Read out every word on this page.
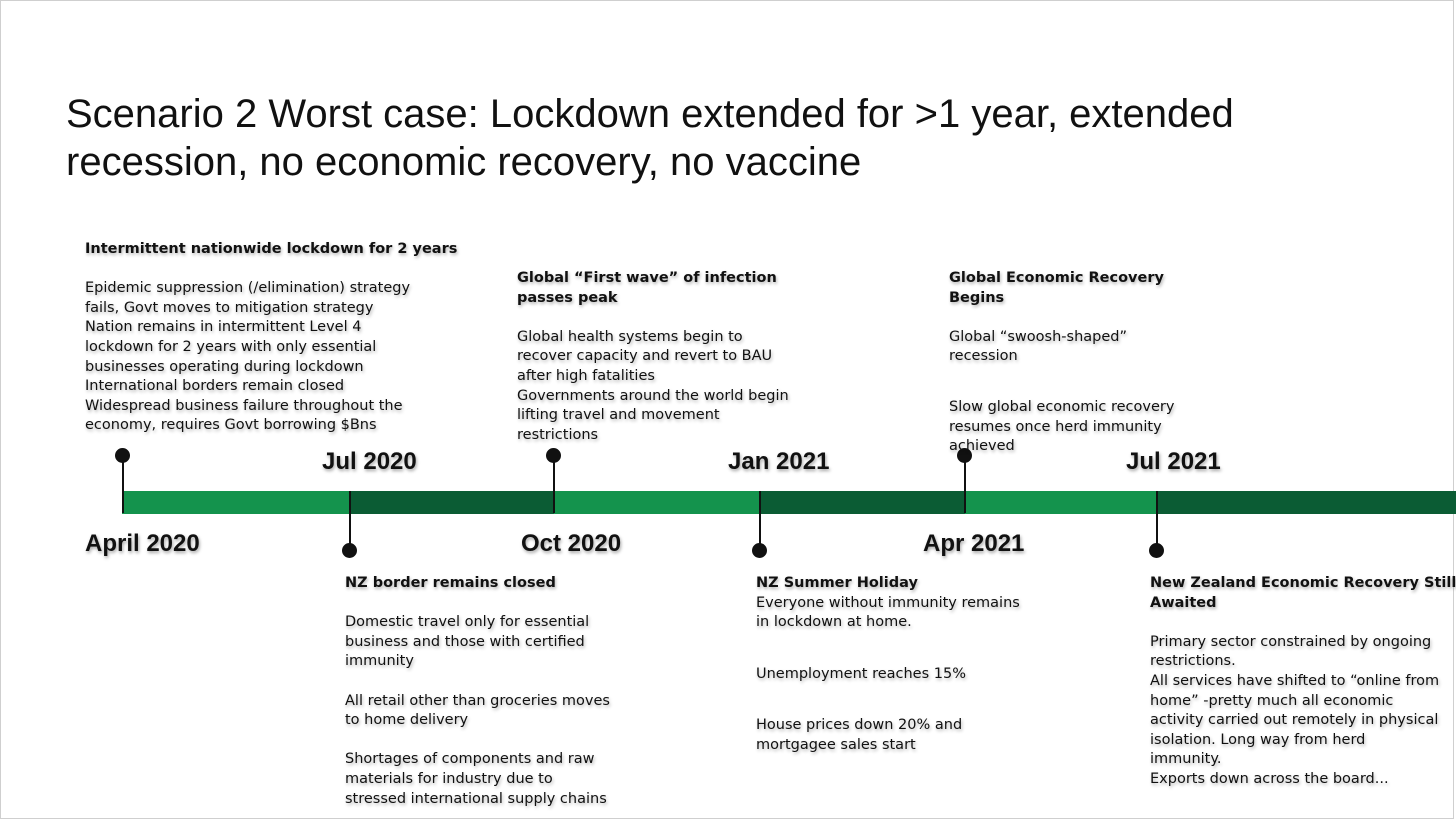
Scenario 2 Worst case: Lockdown extended for >1 year, extended
recession, no economic recovery, no vaccine
April 2020
Jul 2020
Oct 2020
Jan 2021
Apr 2021
Jul 2021
Intermittent nationwide lockdown for 2 years
Epidemic suppression (/elimination) strategy
fails, Govt moves to mitigation strategy
Nation remains in intermittent Level 4
lockdown for 2 years with only essential
businesses operating during lockdown
International borders remain closed
Widespread business failure throughout the
economy, requires Govt borrowing $Bns
Global “First wave” of infection
passes peak
Global health systems begin to
recover capacity and revert to BAU
after high fatalities
Governments around the world begin
lifting travel and movement
restrictions
Global Economic Recovery
Begins
Global “swoosh-shaped”
recession
Slow global economic recovery
resumes once herd immunity
achieved
NZ border remains closed
Domestic travel only for essential
business and those with certified
immunity
All retail other than groceries moves
to home delivery
Shortages of components and raw
materials for industry due to
stressed international supply chains
NZ Summer Holiday
Everyone without immunity remains
in lockdown at home.
Unemployment reaches 15%
House prices down 20% and
mortgagee sales start
New Zealand Economic Recovery Still
Awaited
Primary sector constrained by ongoing
restrictions.
All services have shifted to “online from
home” -pretty much all economic
activity carried out remotely in physical
isolation. Long way from herd
immunity.
Exports down across the board...
